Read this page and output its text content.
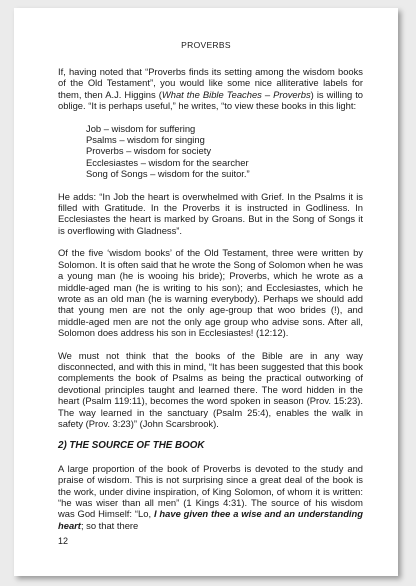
PROVERBS

If, having noted that “Proverbs finds its setting among the wisdom books of the Old Testament”, you would like some nice alliterative labels for them, then A.J. Higgins (What the Bible Teaches – Proverbs) is willing to oblige. “It is perhaps useful,” he writes, “to view these books in this light:

Job – wisdom for suffering
Psalms – wisdom for singing
Proverbs – wisdom for society
Ecclesiastes – wisdom for the searcher
Song of Songs – wisdom for the suitor.”

He adds: “In Job the heart is overwhelmed with Grief. In the Psalms it is filled with Gratitude. In the Proverbs it is instructed in Godliness. In Ecclesiastes the heart is marked by Groans. But in the Song of Songs it is overflowing with Gladness”.

Of the five ‘wisdom books’ of the Old Testament, three were written by Solomon. It is often said that he wrote the Song of Solomon when he was a young man (he is wooing his bride); Proverbs, which he wrote as a middle-aged man (he is writing to his son); and Ecclesiastes, which he wrote as an old man (he is warning everybody). Perhaps we should add that young men are not the only age-group that woo brides (!), and middle-aged men are not the only age group who advise sons. After all, Solomon does address his son in Ecclesiastes! (12:12).

We must not think that the books of the Bible are in any way disconnected, and with this in mind, “It has been suggested that this book complements the book of Psalms as being the practical outworking of devotional principles taught and learned there. The word hidden in the heart (Psalm 119:11), becomes the word spoken in season (Prov. 15:23). The way learned in the sanctuary (Psalm 25:4), enables the walk in safety (Prov. 3:23)” (John Scarsbrook).

2) THE SOURCE OF THE BOOK

A large proportion of the book of Proverbs is devoted to the study and praise of wisdom. This is not surprising since a great deal of the book is the work, under divine inspiration, of King Solomon, of whom it is written: “he was wiser than all men” (1 Kings 4:31). The source of his wisdom was God Himself: “Lo, I have given thee a wise and an understanding heart; so that there

12
